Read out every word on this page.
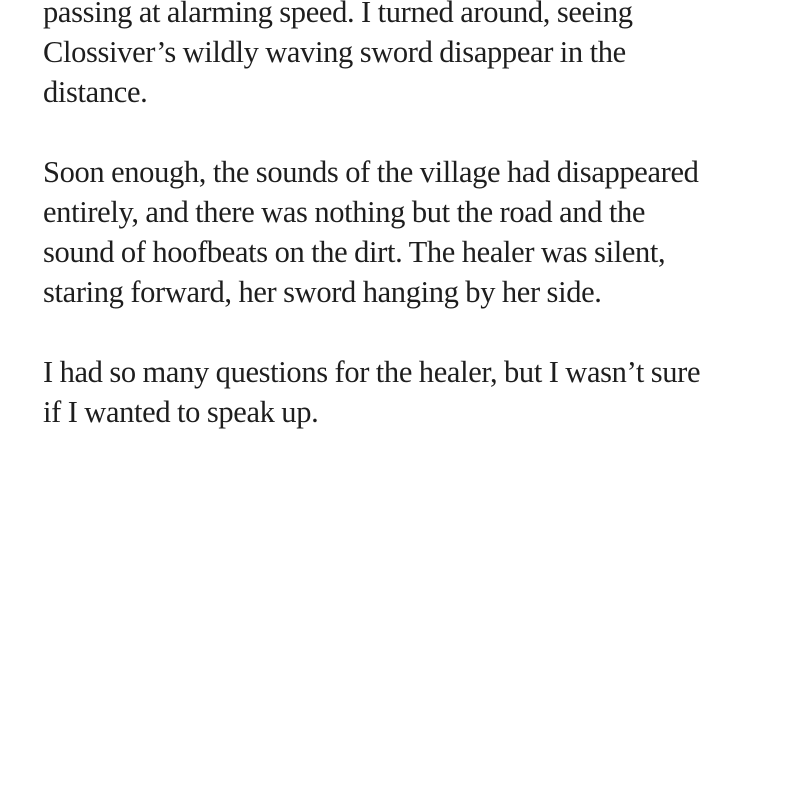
passing at alarming speed. I turned around, seeing
Clossiver’s wildly waving sword disappear in the
distance.
Soon enough, the sounds of the village had disappeared
entirely, and there was nothing but the road and the
sound of hoofbeats on the dirt. The healer was silent,
staring forward, her sword hanging by her side.
I had so many questions for the healer, but I wasn’t sure
if I wanted to speak up.
